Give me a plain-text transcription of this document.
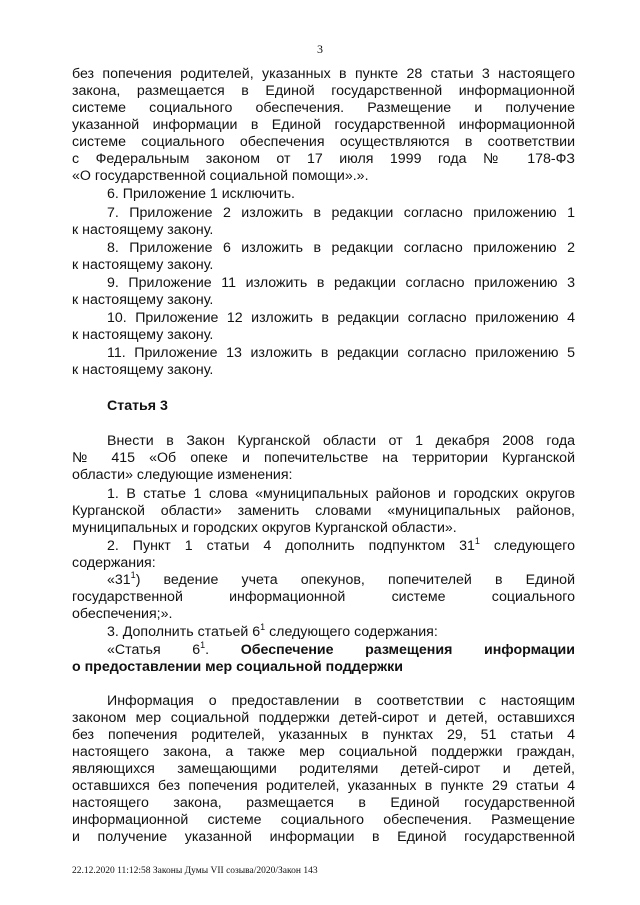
3
без попечения родителей, указанных в пункте 28 статьи 3 настоящего
закона, размещается в Единой государственной информационной
системе социального обеспечения. Размещение и получение
указанной информации в Единой государственной информационной
системе социального обеспечения осуществляются в соответствии
с Федеральным законом от 17 июля 1999 года № 178-ФЗ
«О государственной социальной помощи».».
6. Приложение 1 исключить.
7. Приложение 2 изложить в редакции согласно приложению 1
к настоящему закону.
8. Приложение 6 изложить в редакции согласно приложению 2
к настоящему закону.
9. Приложение 11 изложить в редакции согласно приложению 3
к настоящему закону.
10. Приложение 12 изложить в редакции согласно приложению 4
к настоящему закону.
11. Приложение 13 изложить в редакции согласно приложению 5
к настоящему закону.
Статья 3
Внести в Закон Курганской области от 1 декабря 2008 года
№ 415 «Об опеке и попечительстве на территории Курганской
области» следующие изменения:
1. В статье 1 слова «муниципальных районов и городских округов
Курганской области» заменить словами «муниципальных районов,
муниципальных и городских округов Курганской области».
2. Пункт 1 статьи 4 дополнить подпунктом $31^1$ следующего
содержания:
«$31^1$) ведение учета опекунов, попечителей в Единой
государственной информационной системе социального
обеспечения;».
3. Дополнить статьей $6^1$ следующего содержания:
«Статья $6^1$. Обеспечение размещения информации
о предоставлении мер социальной поддержки
Информация о предоставлении в соответствии с настоящим
законом мер социальной поддержки детей-сирот и детей, оставшихся
без попечения родителей, указанных в пунктах 29, 51 статьи 4
настоящего закона, а также мер социальной поддержки граждан,
являющихся замещающими родителями детей-сирот и детей,
оставшихся без попечения родителей, указанных в пункте 29 статьи 4
настоящего закона, размещается в Единой государственной
информационной системе социального обеспечения. Размещение
и получение указанной информации в Единой государственной
22.12.2020 11:12:58 Законы Думы VII созыва/2020/Закон 143
